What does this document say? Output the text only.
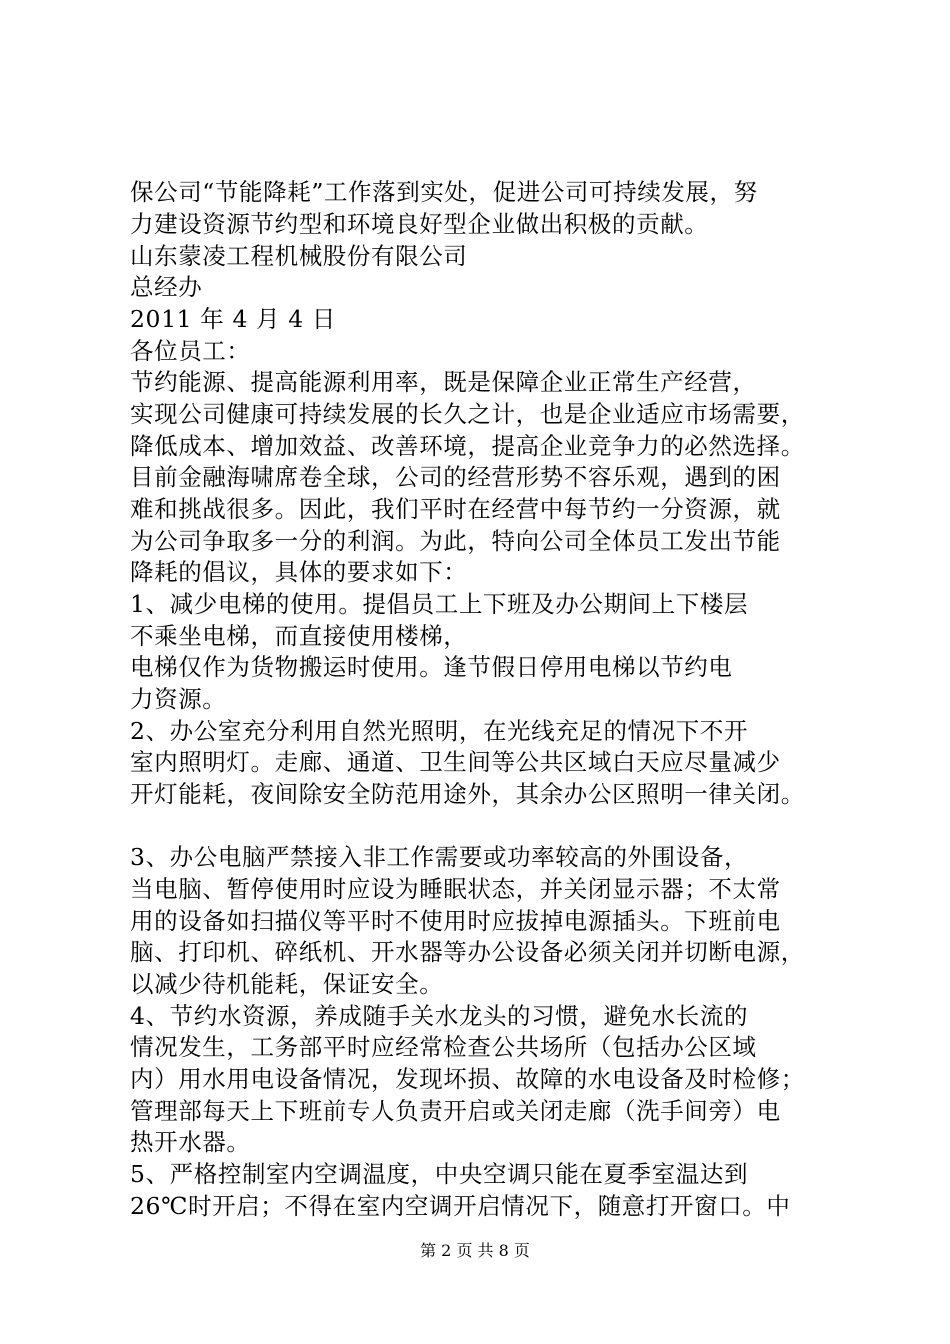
保公司“节能降耗”工作落到实处，促进公司可持续发展，努
力建设资源节约型和环境良好型企业做出积极的贡献。
山东蒙凌工程机械股份有限公司
总经办
2011 年 4 月 4 日
各位员工：
节约能源、提高能源利用率，既是保障企业正常生产经营，
实现公司健康可持续发展的长久之计，也是企业适应市场需要，
降低成本、增加效益、改善环境，提高企业竞争力的必然选择。
目前金融海啸席卷全球，公司的经营形势不容乐观，遇到的困
难和挑战很多。因此，我们平时在经营中每节约一分资源，就
为公司争取多一分的利润。为此，特向公司全体员工发出节能
降耗的倡议，具体的要求如下：
1、减少电梯的使用。提倡员工上下班及办公期间上下楼层
不乘坐电梯，而直接使用楼梯，
电梯仅作为货物搬运时使用。逢节假日停用电梯以节约电
力资源。
2、办公室充分利用自然光照明，在光线充足的情况下不开
室内照明灯。走廊、通道、卫生间等公共区域白天应尽量减少
开灯能耗，夜间除安全防范用途外，其余办公区照明一律关闭。
3、办公电脑严禁接入非工作需要或功率较高的外围设备，
当电脑、暂停使用时应设为睡眠状态，并关闭显示器；不太常
用的设备如扫描仪等平时不使用时应拔掉电源插头。下班前电
脑、打印机、碎纸机、开水器等办公设备必须关闭并切断电源，
以减少待机能耗，保证安全。
4、节约水资源，养成随手关水龙头的习惯，避免水长流的
情况发生，工务部平时应经常检查公共场所（包括办公区域
内）用水用电设备情况，发现坏损、故障的水电设备及时检修；
管理部每天上下班前专人负责开启或关闭走廊（洗手间旁）电
热开水器。
5、严格控制室内空调温度，中央空调只能在夏季室温达到
26℃时开启；不得在室内空调开启情况下，随意打开窗口。中
第 2 页 共 8 页
